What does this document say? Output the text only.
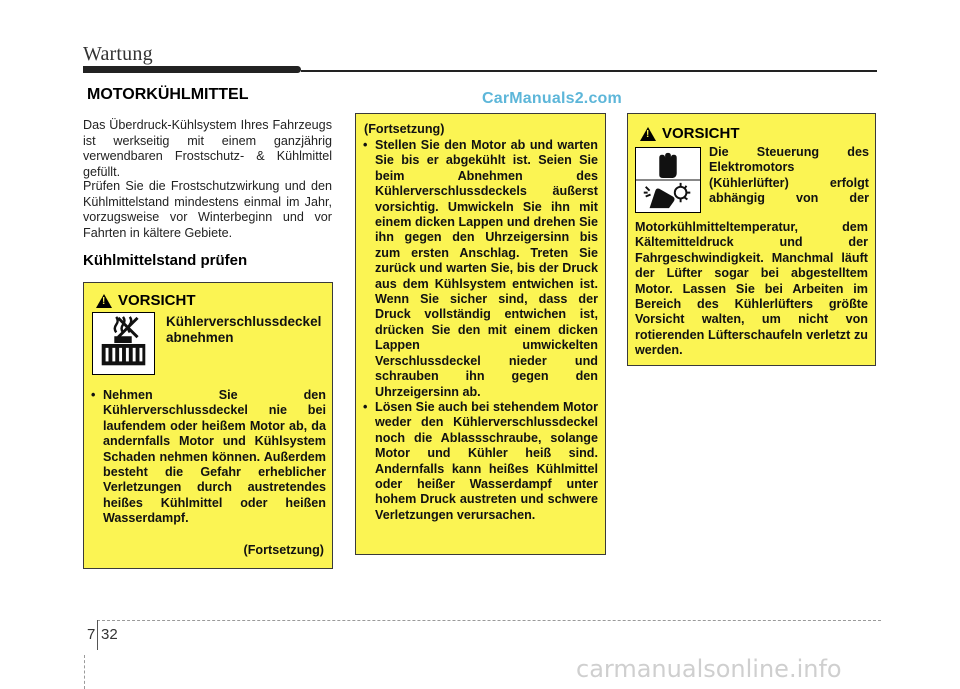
Wartung
MOTORKÜHLMITTEL	CarManuals2.com
Das Überdruck-Kühlsystem Ihres Fahrzeugs ist werkseitig mit einem ganzjährig verwendbaren Frostschutz- & Kühlmittel gefüllt.
Prüfen Sie die Frostschutzwirkung und den Kühlmittelstand mindestens einmal im Jahr, vorzugsweise vor Winterbeginn und vor Fahrten in kältere Gebiete.
Kühlmittelstand prüfen
!
VORSICHT
Kühlerverschlussdeckel abnehmen
• Nehmen Sie den Kühlerverschlussdeckel nie bei laufendem oder heißem Motor ab, da andernfalls Motor und Kühlsystem Schaden nehmen können. Außerdem besteht die Gefahr erheblicher Verletzungen durch austretendes heißes Kühlmittel oder heißen Wasserdampf.
(Fortsetzung)
(Fortsetzung)
• Stellen Sie den Motor ab und warten Sie bis er abgekühlt ist. Seien Sie beim Abnehmen des Kühlerverschlussdeckels äußerst vorsichtig. Umwickeln Sie ihn mit einem dicken Lappen und drehen Sie ihn gegen den Uhrzeigersinn bis zum ersten Anschlag. Treten Sie zurück und warten Sie, bis der Druck aus dem Kühlsystem entwichen ist. Wenn Sie sicher sind, dass der Druck vollständig entwichen ist, drücken Sie den mit einem dicken Lappen umwickelten Verschlussdeckel nieder und schrauben ihn gegen den Uhrzeigersinn ab.
• Lösen Sie auch bei stehendem Motor weder den Kühlerverschlussdeckel noch die Ablassschraube, solange Motor und Kühler heiß sind. Andernfalls kann heißes Kühlmittel oder heißer Wasserdampf unter hohem Druck austreten und schwere Verletzungen verursachen.
!
VORSICHT
Die Steuerung des Elektromotors (Kühlerlüfter) erfolgt abhängig von der
Motorkühlmitteltemperatur, dem Kältemitteldruck und der Fahrgeschwindigkeit. Manchmal läuft der Lüfter sogar bei abgestelltem Motor. Lassen Sie bei Arbeiten im Bereich des Kühlerlüfters größte Vorsicht walten, um nicht von rotierenden Lüfterschaufeln verletzt zu werden.
7 32
carmanualsonline.info
